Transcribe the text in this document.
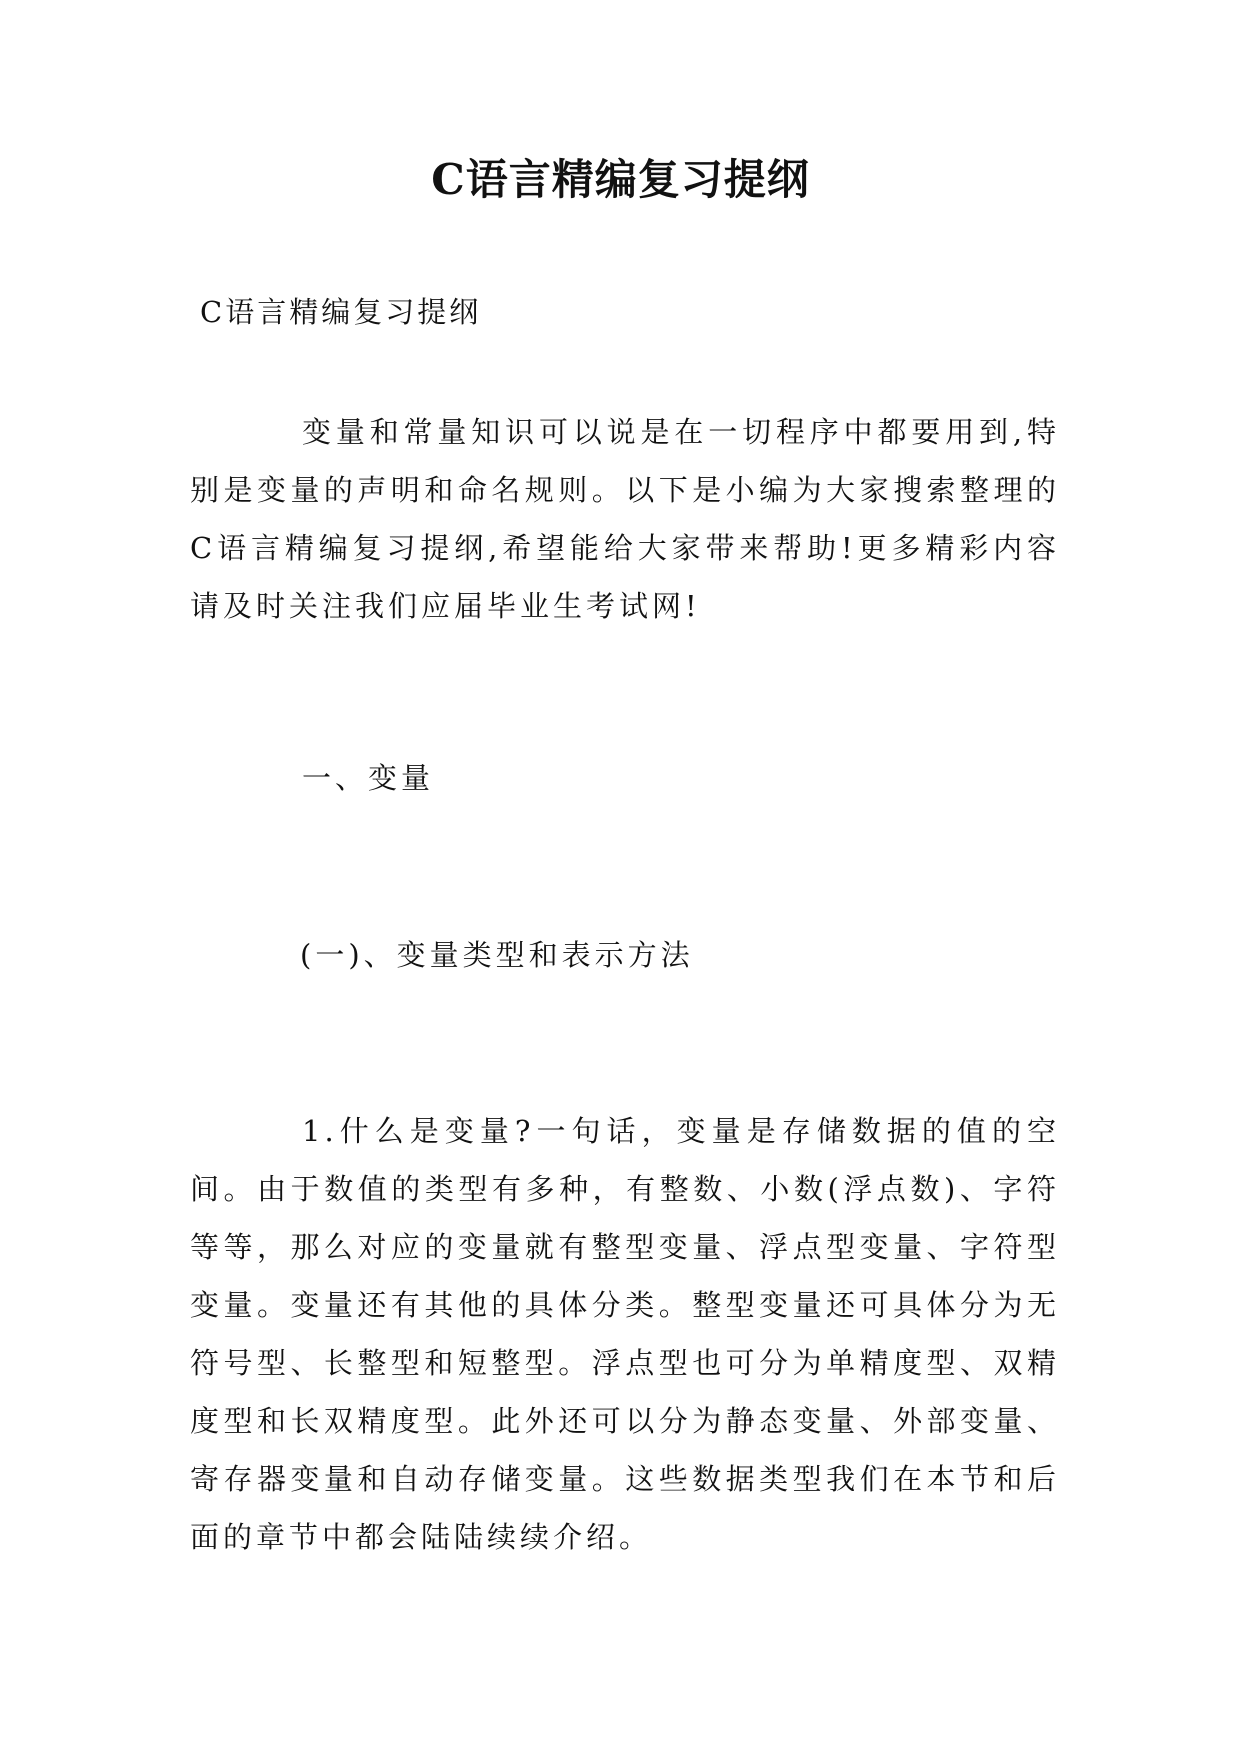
C语言精编复习提纲
C语言精编复习提纲

变量和常量知识可以说是在一切程序中都要用到,特别是变量的声明和命名规则。以下是小编为大家搜索整理的C语言精编复习提纲,希望能给大家带来帮助!更多精彩内容请及时关注我们应届毕业生考试网!

一、变量
(一)、变量类型和表示方法

1.什么是变量?一句话，变量是存储数据的值的空间。由于数值的类型有多种，有整数、小数(浮点数)、字符等等，那么对应的变量就有整型变量、浮点型变量、字符型变量。变量还有其他的具体分类。整型变量还可具体分为无符号型、长整型和短整型。浮点型也可分为单精度型、双精度型和长双精度型。此外还可以分为静态变量、外部变量、寄存器变量和自动存储变量。这些数据类型我们在本节和后面的章节中都会陆陆续续介绍。
